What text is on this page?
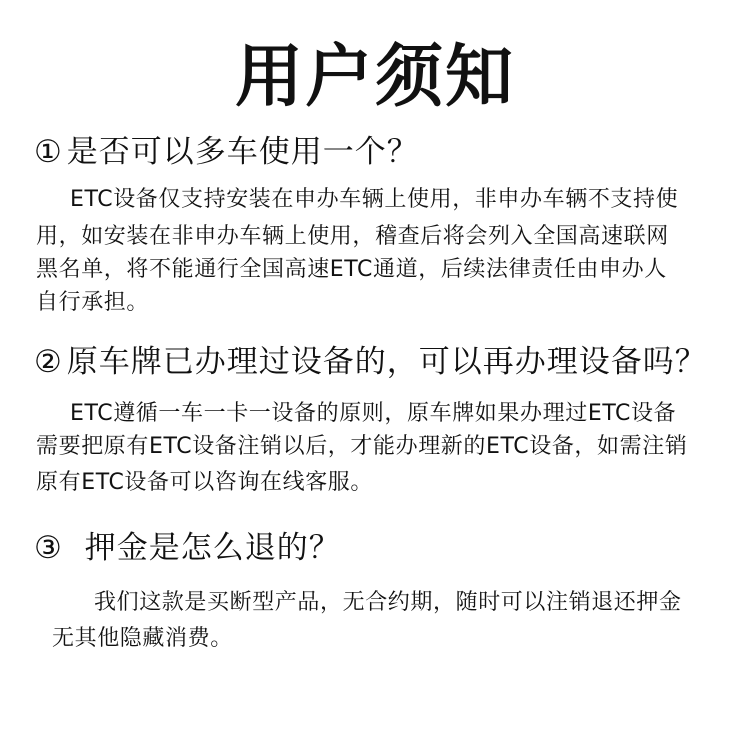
用户须知
① 是否可以多车使用一个？
ETC设备仅支持安装在申办车辆上使用，非申办车辆不支持使
用，如安装在非申办车辆上使用，稽查后将会列入全国高速联网
黑名单，将不能通行全国高速ETC通道，后续法律责任由申办人
自行承担。
② 原车牌已办理过设备的，可以再办理设备吗？
ETC遵循一车一卡一设备的原则，原车牌如果办理过ETC设备
需要把原有ETC设备注销以后，才能办理新的ETC设备，如需注销
原有ETC设备可以咨询在线客服。
③ 押金是怎么退的？
我们这款是买断型产品，无合约期，随时可以注销退还押金
无其他隐藏消费。
